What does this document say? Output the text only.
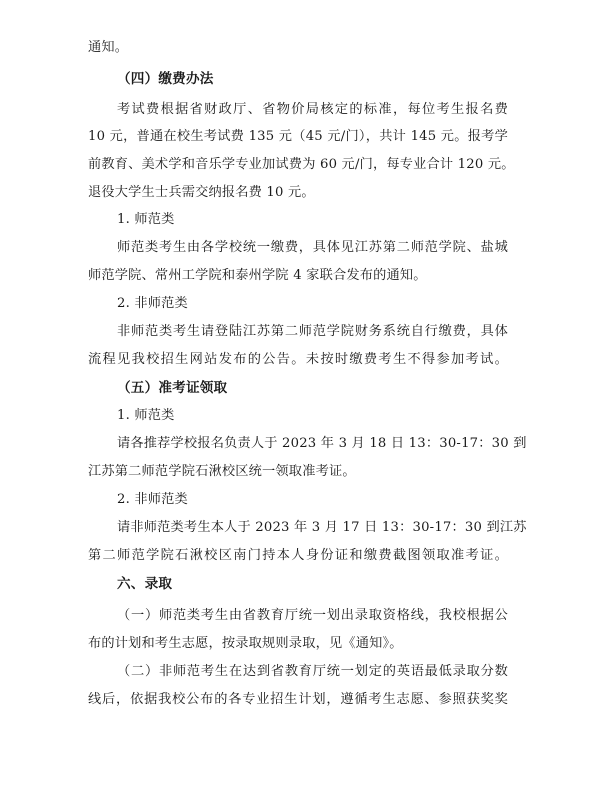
通知。
（四）缴费办法
考试费根据省财政厅、省物价局核定的标准，每位考生报名费
10 元，普通在校生考试费 135 元（45 元/门），共计 145 元。报考学
前教育、美术学和音乐学专业加试费为 60 元/门，每专业合计 120 元。
退役大学生士兵需交纳报名费 10 元。
1. 师范类
师范类考生由各学校统一缴费，具体见江苏第二师范学院、盐城
师范学院、常州工学院和泰州学院 4 家联合发布的通知。
2. 非师范类
非师范类考生请登陆江苏第二师范学院财务系统自行缴费，具体
流程见我校招生网站发布的公告。未按时缴费考生不得参加考试。
（五）准考证领取
1. 师范类
请各推荐学校报名负责人于 2023 年 3 月 18 日 13：30-17：30 到
江苏第二师范学院石湫校区统一领取准考证。
2. 非师范类
请非师范类考生本人于 2023 年 3 月 17 日 13：30-17：30 到江苏
第二师范学院石湫校区南门持本人身份证和缴费截图领取准考证。
六、录取
（一）师范类考生由省教育厅统一划出录取资格线，我校根据公
布的计划和考生志愿，按录取规则录取，见《通知》。
（二）非师范考生在达到省教育厅统一划定的英语最低录取分数
线后，依据我校公布的各专业招生计划，遵循考生志愿、参照获奖奖
